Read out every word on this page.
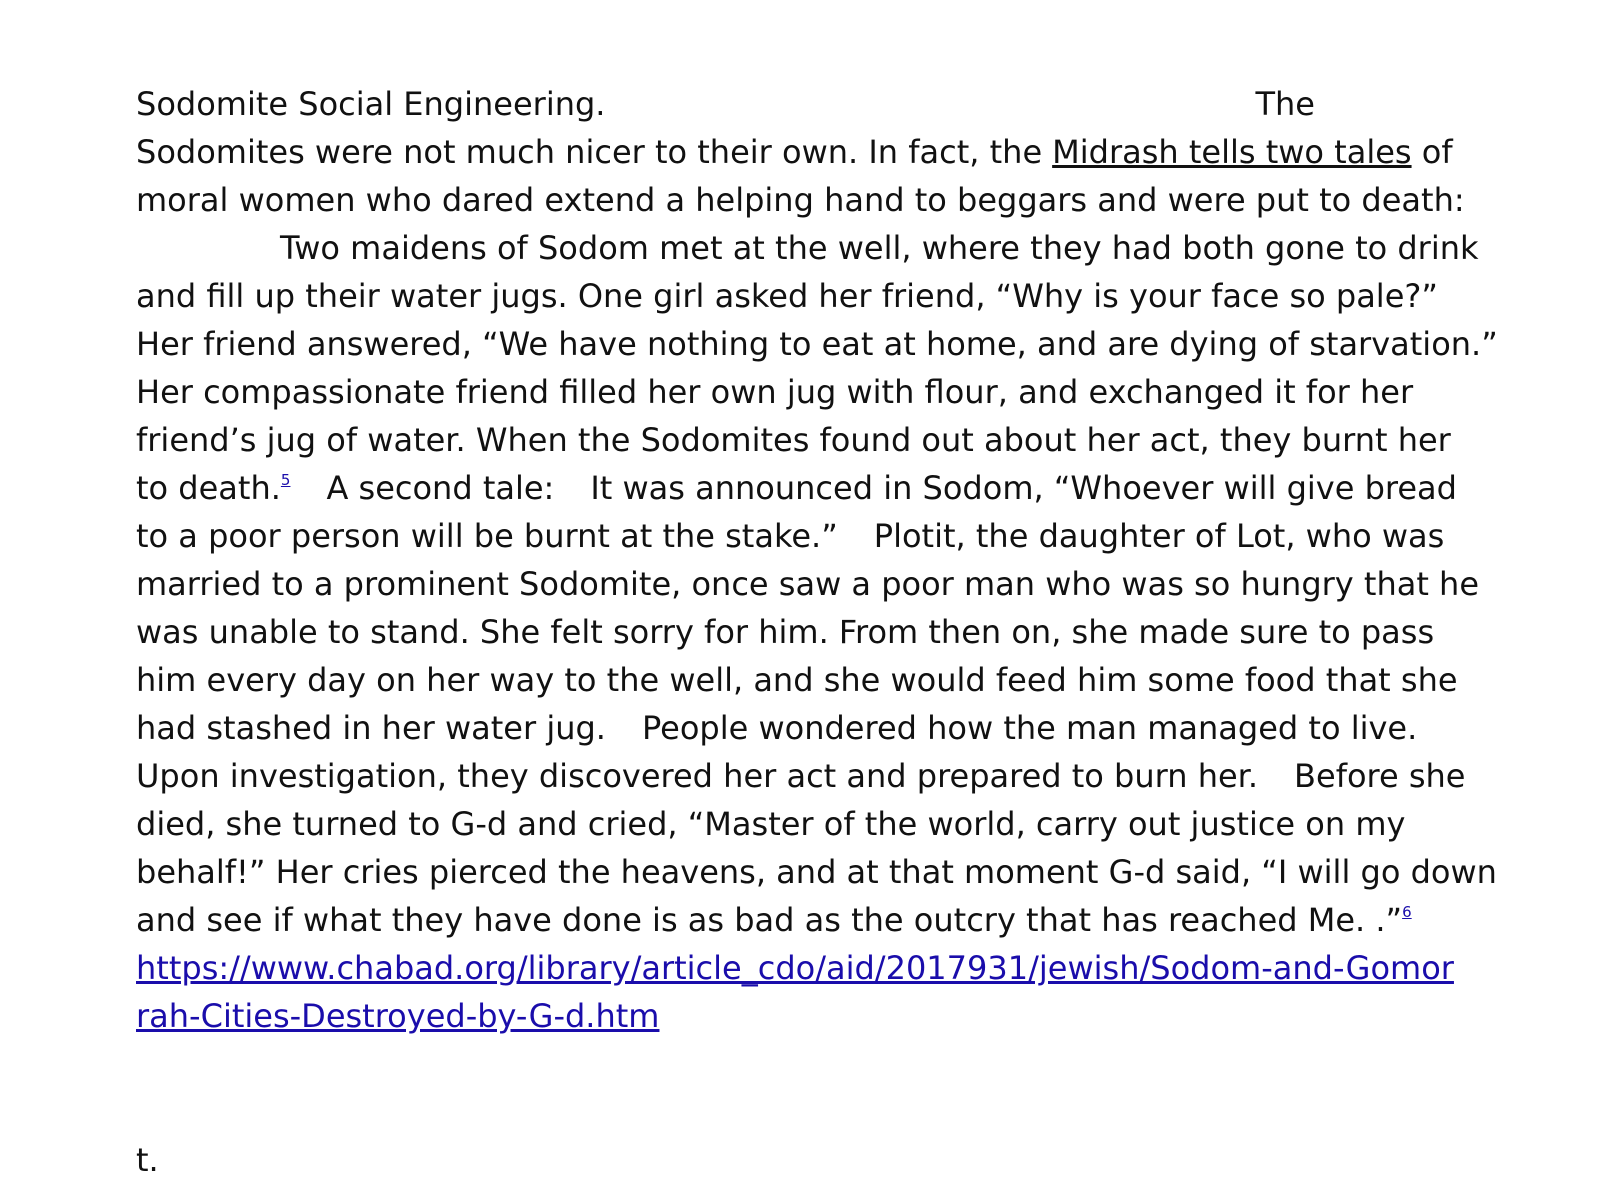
Sodomite Social Engineering.	The
Sodomites were not much nicer to their own. In fact, the Midrash tells two tales of
moral women who dared extend a helping hand to beggars and were put to death:
Two maidens of Sodom met at the well, where they had both gone to drink
and fill up their water jugs. One girl asked her friend, “Why is your face so pale?”
Her friend answered, “We have nothing to eat at home, and are dying of starvation.”
Her compassionate friend filled her own jug with flour, and exchanged it for her
friend’s jug of water. When the Sodomites found out about her act, they burnt her
to death.$^5$ A second tale: It was announced in Sodom, “Whoever will give bread
to a poor person will be burnt at the stake.” Plotit, the daughter of Lot, who was
married to a prominent Sodomite, once saw a poor man who was so hungry that he
was unable to stand. She felt sorry for him. From then on, she made sure to pass
him every day on her way to the well, and she would feed him some food that she
had stashed in her water jug. People wondered how the man managed to live.
Upon investigation, they discovered her act and prepared to burn her. Before she
died, she turned to G-d and cried, “Master of the world, carry out justice on my
behalf!” Her cries pierced the heavens, and at that moment G-d said, “I will go down
and see if what they have done is as bad as the outcry that has reached Me. .”$^6$
https://www.chabad.org/library/article_cdo/aid/2017931/jewish/Sodom-and-Gomor
rah-Cities-Destroyed-by-G-d.htm
t.
